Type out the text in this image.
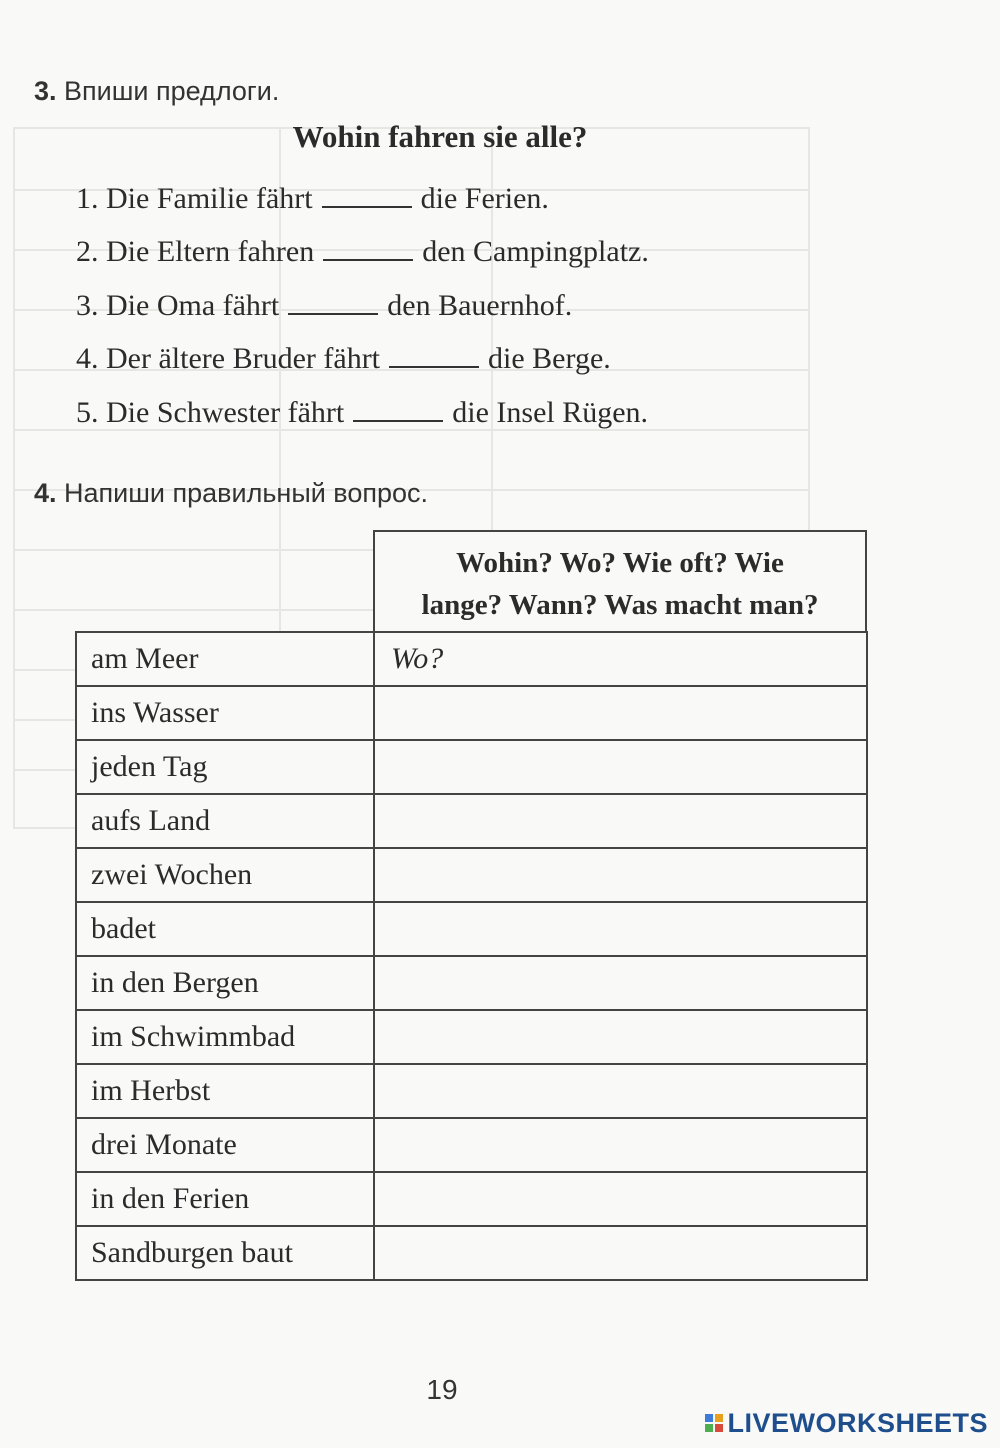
3. Впиши предлоги.
Wohin fahren sie alle?
1. Die Familie fährt	die Ferien.
2. Die Eltern fahren	den Campingplatz.
3. Die Oma fährt	den Bauernhof.
4. Der ältere Bruder fährt	die Berge.
5. Die Schwester fährt	die Insel Rügen.
4. Напиши правильный вопрос.
Wohin? Wo? Wie oft? Wie
lange? Wann? Was macht man?
am Meer	Wo?
ins Wasser	
jeden Tag	
aufs Land	
zwei Wochen	
badet	
in den Bergen	
im Schwimmbad	
im Herbst	
drei Monate	
in den Ferien	
Sandburgen baut	
19
LIVEWORKSHEETS
